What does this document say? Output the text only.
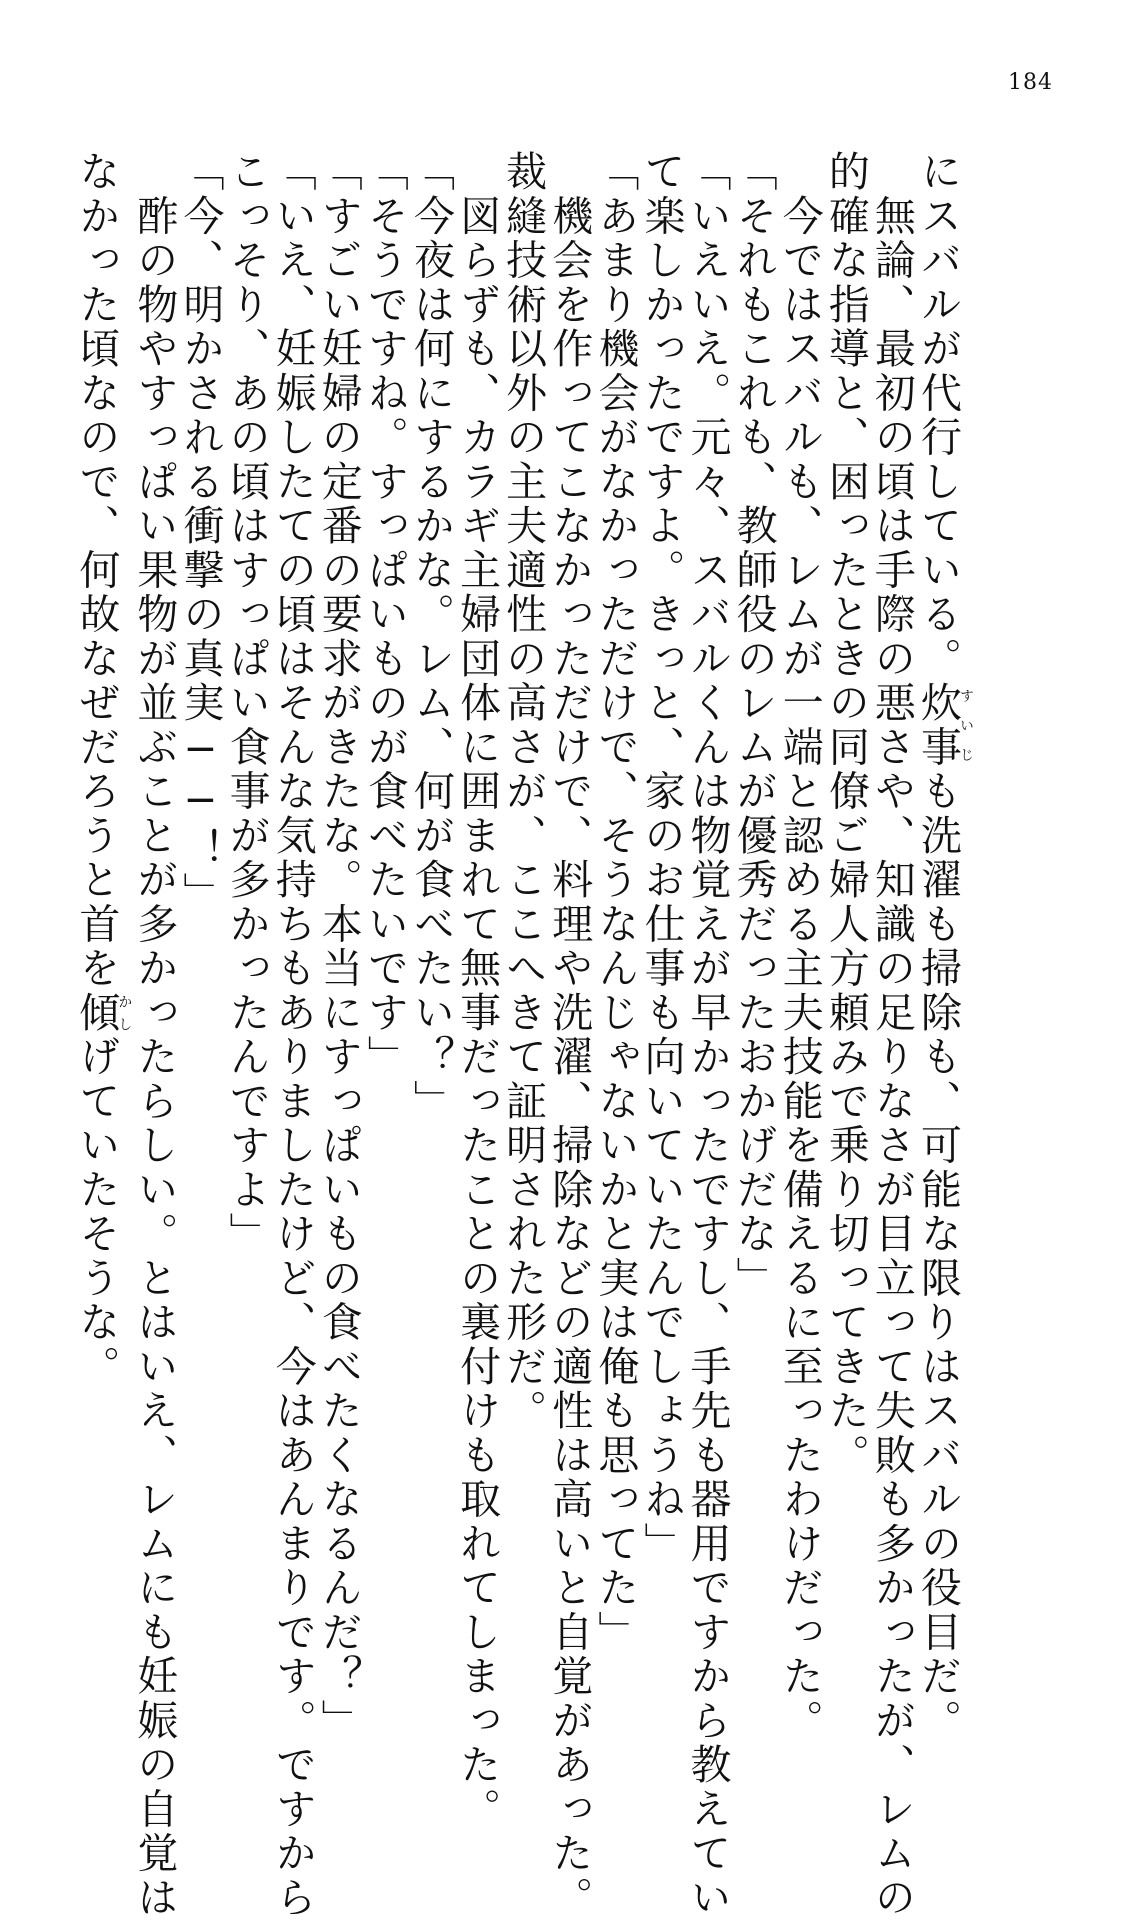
184
にスバルが代行している。炊事すいじも洗濯も掃除も、可能な限りはスバルの役目だ。
　無論、最初の頃は手際の悪さや、知識の足りなさが目立って失敗も多かったが、レムの
的確な指導と、困ったときの同僚ご婦人方頼みで乗り切ってきた。
　今ではスバルも、レムが一端と認める主夫技能を備えるに至ったわけだった。
「それもこれも、教師役のレムが優秀だったおかげだな」
「いえいえ。元々、スバルくんは物覚えが早かったですし、手先も器用ですから教えてい
て楽しかったですよ。きっと、家のお仕事も向いていたんでしょうね」
「あまり機会がなかっただけで、そうなんじゃないかと実は俺も思ってた」
　機会を作ってこなかっただけで、料理や洗濯、掃除などの適性は高いと自覚があった。
裁縫技術以外の主夫適性の高さが、ここへきて証明された形だ。
　図らずも、カラギ主婦団体に囲まれて無事だったことの裏付けも取れてしまった。
「今夜は何にするかな。レム、何が食べたい？」
「そうですね。すっぱいものが食べたいです」
「すごい妊婦の定番の要求がきたな。本当にすっぱいもの食べたくなるんだ？」
「いえ、妊娠したての頃はそんな気持ちもありましたけど、今はあんまりです。ですから
こっそり、あの頃はすっぱい食事が多かったんですよ」
「今、明かされる衝撃の真実──！」
　酢の物やすっぱい果物が並ぶことが多かったらしい。とはいえ、レムにも妊娠の自覚は
なかった頃なので、何故なぜだろうと首を傾かしげていたそうな。
